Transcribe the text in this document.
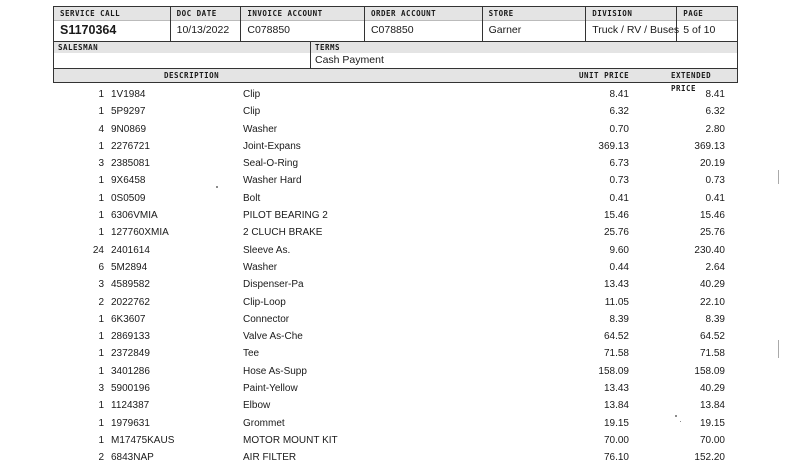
SERVICE CALL
S1170364
DOC DATE
10/13/2022
INVOICE ACCOUNT
C078850
ORDER ACCOUNT
C078850
STORE
Garner
DIVISION
Truck / RV / Buses
PAGE
5 of 10
SALESMAN	TERMS
Cash Payment
DESCRIPTION	UNIT PRICE	EXTENDED PRICE
1 1V1984	Clip	8.41	8.41
1 5P9297	Clip	6.32	6.32
4 9N0869	Washer	0.70	2.80
1 2276721	Joint-Expans	369.13	369.13
3 2385081	Seal-O-Ring	6.73	20.19
1 9X6458	Washer Hard	0.73	0.73
1 0S0509	Bolt	0.41	0.41
1 6306VMIA	PILOT BEARING 2	15.46	15.46
1 127760XMIA	2 CLUCH BRAKE	25.76	25.76
24 2401614	Sleeve As.	9.60	230.40
6 5M2894	Washer	0.44	2.64
3 4589582	Dispenser-Pa	13.43	40.29
2 2022762	Clip-Loop	11.05	22.10
1 6K3607	Connector	8.39	8.39
1 2869133	Valve As-Che	64.52	64.52
1 2372849	Tee	71.58	71.58
1 3401286	Hose As-Supp	158.09	158.09
3 5900196	Paint-Yellow	13.43	40.29
1 1124387	Elbow	13.84	13.84
1 1979631	Grommet	19.15	19.15
1 M17475KAUS	MOTOR MOUNT KIT	70.00	70.00
2 6843NAP	AIR FILTER	76.10	152.20
